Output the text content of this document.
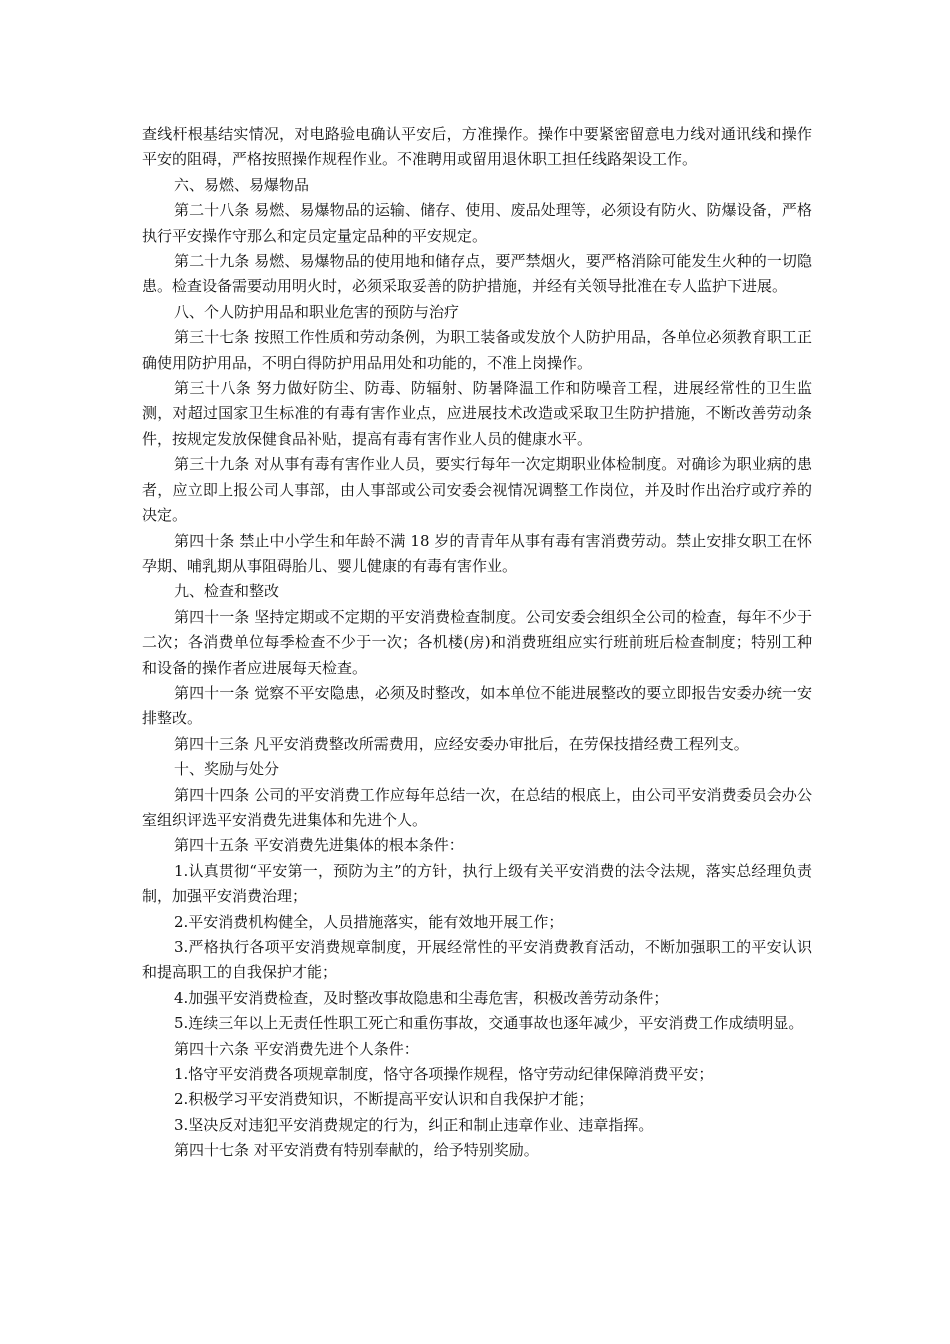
查线杆根基结实情况，对电路验电确认平安后，方准操作。操作中要紧密留意电力线对通讯线和操作平安的阻碍，严格按照操作规程作业。不准聘用或留用退休职工担任线路架设工作。

六、易燃、易爆物品

第二十八条 易燃、易爆物品的运输、储存、使用、废品处理等，必须设有防火、防爆设备，严格执行平安操作守那么和定员定量定品种的平安规定。

第二十九条 易燃、易爆物品的使用地和储存点，要严禁烟火，要严格消除可能发生火种的一切隐患。检查设备需要动用明火时，必须采取妥善的防护措施，并经有关领导批准在专人监护下进展。

八、个人防护用品和职业危害的预防与治疗

第三十七条 按照工作性质和劳动条例，为职工装备或发放个人防护用品，各单位必须教育职工正确使用防护用品，不明白得防护用品用处和功能的，不准上岗操作。

第三十八条 努力做好防尘、防毒、防辐射、防暑降温工作和防噪音工程，进展经常性的卫生监测，对超过国家卫生标准的有毒有害作业点，应进展技术改造或采取卫生防护措施，不断改善劳动条件，按规定发放保健食品补贴，提高有毒有害作业人员的健康水平。

第三十九条 对从事有毒有害作业人员，要实行每年一次定期职业体检制度。对确诊为职业病的患者，应立即上报公司人事部，由人事部或公司安委会视情况调整工作岗位，并及时作出治疗或疗养的决定。

第四十条 禁止中小学生和年龄不满 18 岁的青青年从事有毒有害消费劳动。禁止安排女职工在怀孕期、哺乳期从事阻碍胎儿、婴儿健康的有毒有害作业。

九、检查和整改

第四十一条 坚持定期或不定期的平安消费检查制度。公司安委会组织全公司的检查，每年不少于二次；各消费单位每季检查不少于一次；各机楼(房)和消费班组应实行班前班后检查制度；特别工种和设备的操作者应进展每天检查。

第四十一条 觉察不平安隐患，必须及时整改，如本单位不能进展整改的要立即报告安委办统一安排整改。

第四十三条 凡平安消费整改所需费用，应经安委办审批后，在劳保技措经费工程列支。

十、奖励与处分

第四十四条 公司的平安消费工作应每年总结一次，在总结的根底上，由公司平安消费委员会办公室组织评选平安消费先进集体和先进个人。

第四十五条 平安消费先进集体的根本条件：

1.认真贯彻“平安第一，预防为主”的方针，执行上级有关平安消费的法令法规，落实总经理负责制，加强平安消费治理；

2.平安消费机构健全，人员措施落实，能有效地开展工作；

3.严格执行各项平安消费规章制度，开展经常性的平安消费教育活动，不断加强职工的平安认识和提高职工的自我保护才能；

4.加强平安消费检查，及时整改事故隐患和尘毒危害，积极改善劳动条件；

5.连续三年以上无责任性职工死亡和重伤事故，交通事故也逐年减少，平安消费工作成绩明显。

第四十六条 平安消费先进个人条件：

1.恪守平安消费各项规章制度，恪守各项操作规程，恪守劳动纪律保障消费平安；

2.积极学习平安消费知识，不断提高平安认识和自我保护才能；

3.坚决反对违犯平安消费规定的行为，纠正和制止违章作业、违章指挥。

第四十七条 对平安消费有特别奉献的，给予特别奖励。
